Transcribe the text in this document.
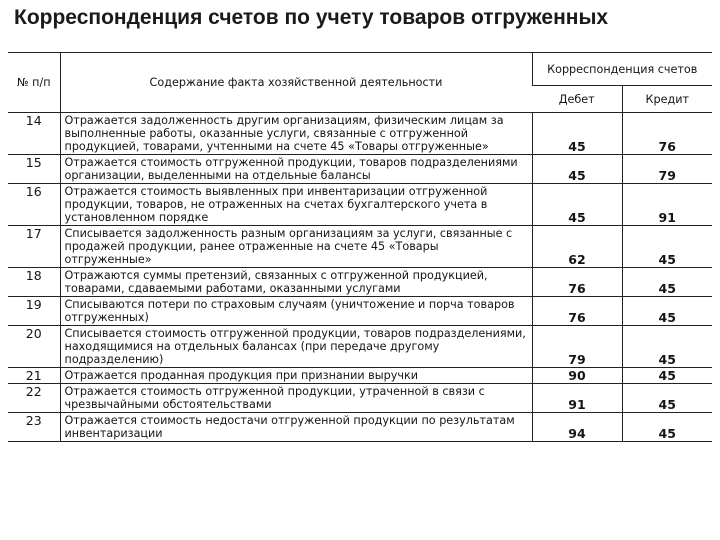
Корреспонденция счетов по учету товаров отгруженных
№ п/п	Содержание факта хозяйственной деятельности	Корреспонденция счетов	
		Дебет	Кредит
14	Отражается задолженность другим организациям, физическим лицам за выполненные работы, оказанные услуги, связанные с отгруженной продукцией, товарами, учтенными на счете 45 «Товары отгруженные»	45	76
15	Отражается стоимость отгруженной продукции, товаров подразделениями организации, выделенными на отдельные балансы	45	79
16	Отражается стоимость выявленных при инвентаризации отгруженной продукции, товаров, не отраженных на счетах бухгалтерского учета в установленном порядке	45	91
17	Списывается задолженность разным организациям за услуги, связанные с продажей продукции, ранее отраженные на счете 45 «Товары отгруженные»	62	45
18	Отражаются суммы претензий, связанных с отгруженной продукцией, товарами, сдаваемыми работами, оказанными услугами	76	45
19	Списываются потери по страховым случаям (уничтожение и порча товаров отгруженных)	76	45
20	Списывается стоимость отгруженной продукции, товаров подразделениями, находящимися на отдельных балансах (при передаче другому подразделению)	79	45
21	Отражается проданная продукция при признании выручки	90	45
22	Отражается стоимость отгруженной продукции, утраченной в связи с чрезвычайными обстоятельствами	91	45
23	Отражается стоимость недостачи отгруженной продукции по результатам инвентаризации	94	45
